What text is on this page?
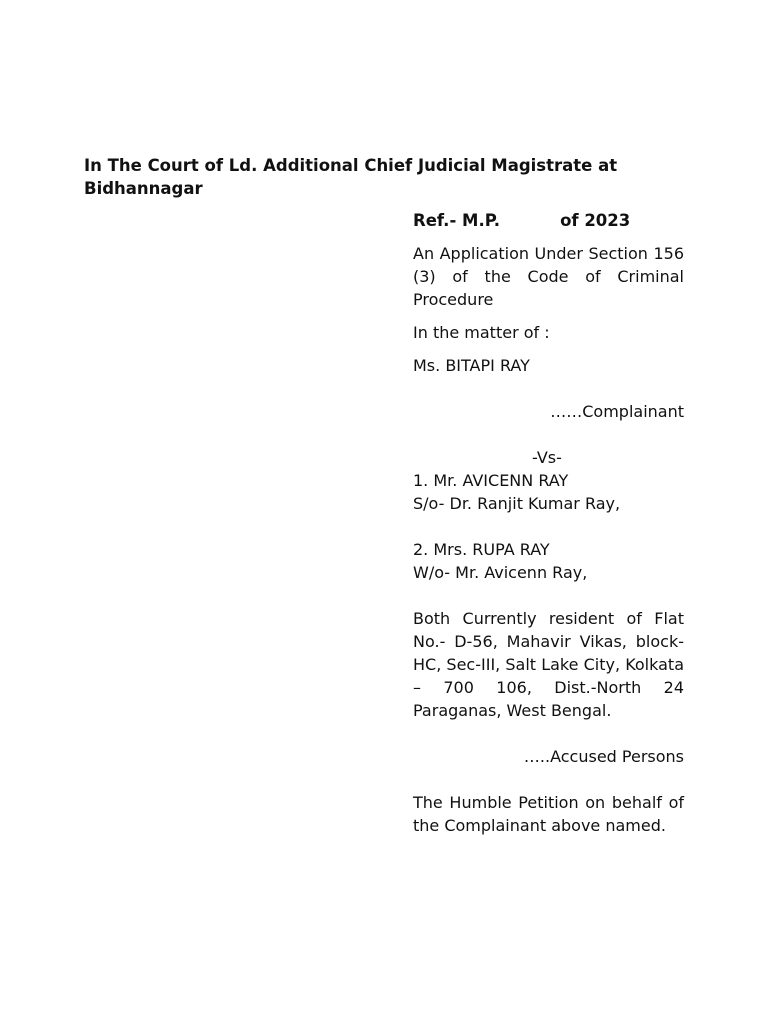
In The Court of Ld. Additional Chief Judicial Magistrate at
Bidhannagar

Ref.- M.P.	of 2023

An Application Under Section 156 (3) of the Code of Criminal Procedure

In the matter of :

Ms. BITAPI RAY

……Complainant

-Vs-

1. Mr. AVICENN RAY

S/o- Dr. Ranjit Kumar Ray,

2. Mrs. RUPA RAY

W/o- Mr. Avicenn Ray,

Both Currently resident of Flat No.- D-56, Mahavir Vikas, block-HC, Sec-III, Salt Lake City, Kolkata – 700 106, Dist.-North 24 Paraganas, West Bengal.

…..Accused Persons

The Humble Petition on behalf of the Complainant above named.
